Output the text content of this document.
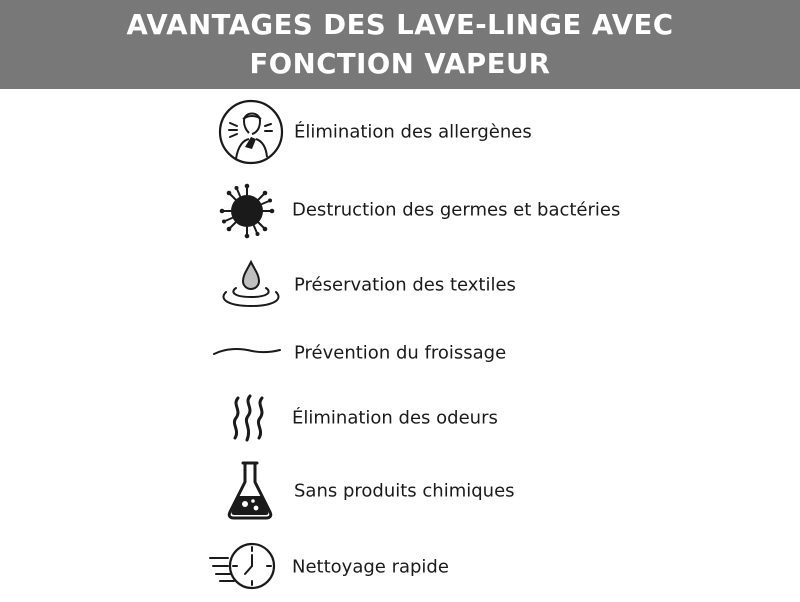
AVANTAGES DES LAVE-LINGE AVEC
FONCTION VAPEUR
Élimination des allergènes
Destruction des germes et bactéries
Préservation des textiles
Prévention du froissage
Élimination des odeurs
Sans produits chimiques
Nettoyage rapide
